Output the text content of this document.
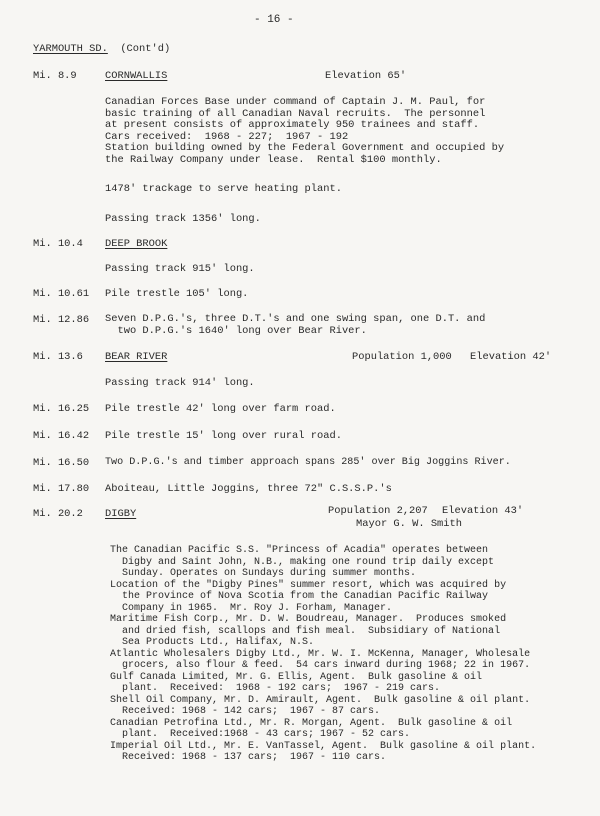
- 16 -
YARMOUTH SD. (Cont'd)
Mi. 8.9	CORNWALLIS	Elevation 65'
Canadian Forces Base under command of Captain J. M. Paul, for
basic training of all Canadian Naval recruits.  The personnel
at present consists of approximately 950 trainees and staff.
Cars received:  1968 - 227;  1967 - 192
Station building owned by the Federal Government and occupied by
the Railway Company under lease.  Rental $100 monthly.
1478' trackage to serve heating plant.
Passing track 1356' long.
Mi. 10.4 DEEP BROOK
Passing track 915' long.
Mi. 10.61 Pile trestle 105' long.
Mi. 12.86 Seven D.P.G.'s, three D.T.'s and one swing span, one D.T. and
two D.P.G.'s 1640' long over Bear River.
Mi. 13.6 BEAR RIVER	Population 1,000 Elevation 42'
Passing track 914' long.
Mi. 16.25 Pile trestle 42' long over farm road.
Mi. 16.42 Pile trestle 15' long over rural road.
Mi. 16.50 Two D.P.G.'s and timber approach spans 285' over Big Joggins River.
Mi. 17.80 Aboiteau, Little Joggins, three 72" C.S.S.P.'s
Mi. 20.2 DIGBY	Population 2,207 Elevation 43'
Mayor G. W. Smith
The Canadian Pacific S.S. "Princess of Acadia" operates between
Digby and Saint John, N.B., making one round trip daily except
Sunday. Operates on Sundays during summer months.
Location of the "Digby Pines" summer resort, which was acquired by
the Province of Nova Scotia from the Canadian Pacific Railway
Company in 1965.  Mr. Roy J. Forham, Manager.
Maritime Fish Corp., Mr. D. W. Boudreau, Manager.  Produces smoked
and dried fish, scallops and fish meal.  Subsidiary of National
Sea Products Ltd., Halifax, N.S.
Atlantic Wholesalers Digby Ltd., Mr. W. I. McKenna, Manager, Wholesale
grocers, also flour & feed.  54 cars inward during 1968; 22 in 1967.
Gulf Canada Limited, Mr. G. Ellis, Agent.  Bulk gasoline & oil
plant.  Received:  1968 - 192 cars;  1967 - 219 cars.
Shell Oil Company, Mr. D. Amirault, Agent.  Bulk gasoline & oil plant.
Received: 1968 - 142 cars;  1967 - 87 cars.
Canadian Petrofina Ltd., Mr. R. Morgan, Agent.  Bulk gasoline & oil
plant.  Received:1968 - 43 cars; 1967 - 52 cars.
Imperial Oil Ltd., Mr. E. VanTassel, Agent.  Bulk gasoline & oil plant.
Received: 1968 - 137 cars;  1967 - 110 cars.
